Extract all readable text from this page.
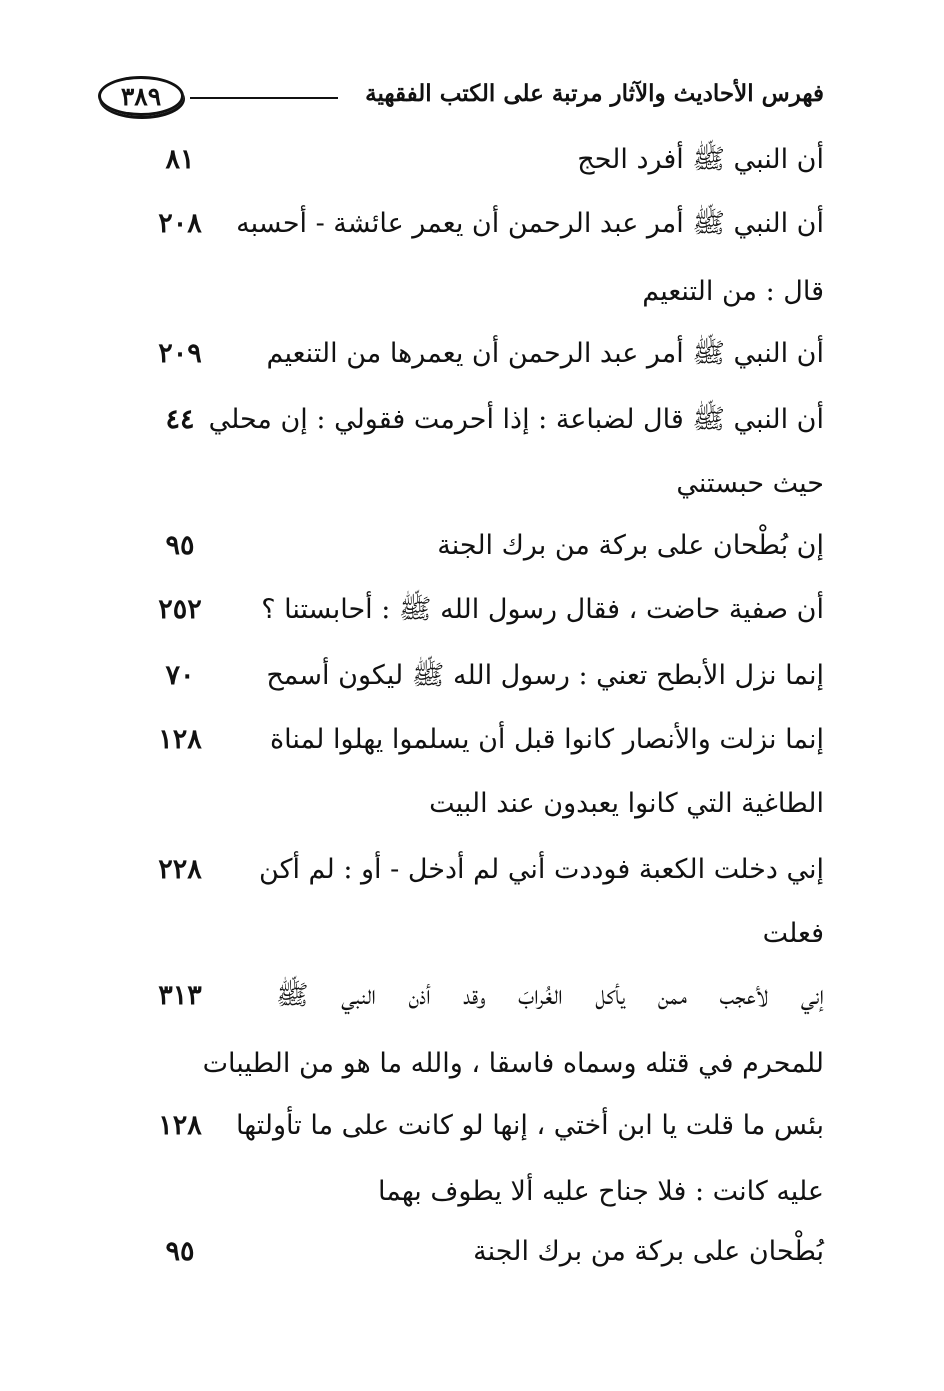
٣٨٩	فهرس الأحاديث والآثار مرتبة على الكتب الفقهية
أن النبي ﷺ أفرد الحج
٨١
أن النبي ﷺ أمر عبد الرحمن أن يعمر عائشة - أحسبه
٢٠٨
قال : من التنعيم
أن النبي ﷺ أمر عبد الرحمن أن يعمرها من التنعيم
٢٠٩
أن النبي ﷺ قال لضباعة : إذا أحرمت فقولي : إن محلي
٤٤
حيث حبستني
إن بُطْحان على بركة من برك الجنة
٩٥
أن صفية حاضت ، فقال رسول الله ﷺ : أحابستنا ؟
٢٥٢
إنما نزل الأبطح تعني : رسول الله ﷺ ليكون أسمح
٧٠
إنما نزلت والأنصار كانوا قبل أن يسلموا يهلوا لمناة
١٢٨
الطاغية التي كانوا يعبدون عند البيت
إني دخلت الكعبة فوددت أني لم أدخل - أو : لم أكن
٢٢٨
فعلت
إني لأعجب ممن يأكل الغُرابَ وقد أذن النبي ﷺ
٣١٣
للمحرم في قتله وسماه فاسقا ، والله ما هو من الطيبات
بئس ما قلت يا ابن أختي ، إنها لو كانت على ما تأولتها
١٢٨
عليه كانت : فلا جناح عليه ألا يطوف بهما
بُطْحان على بركة من برك الجنة
٩٥
